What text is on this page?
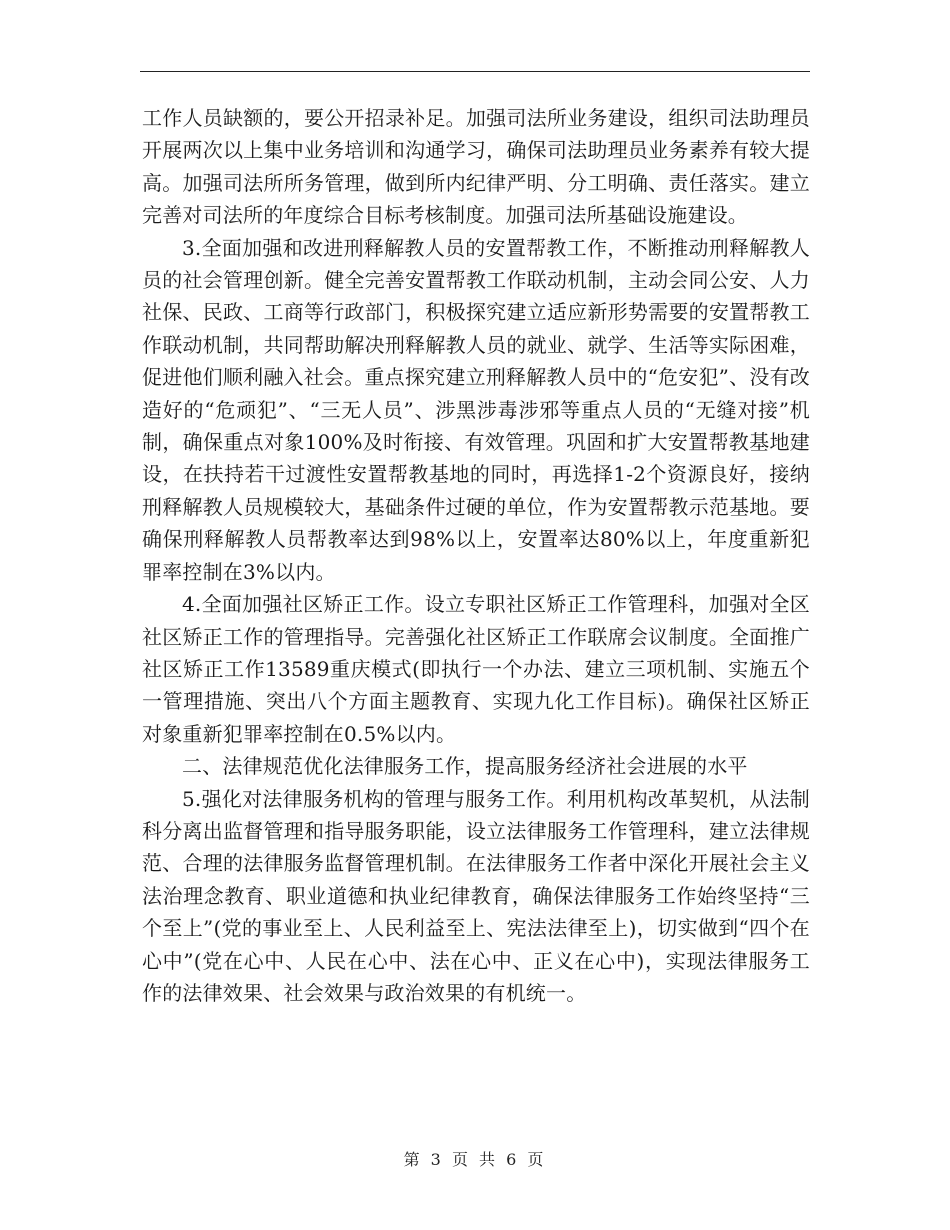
工作人员缺额的，要公开招录补足。加强司法所业务建设，组织司法助理员开展两次以上集中业务培训和沟通学习，确保司法助理员业务素养有较大提高。加强司法所所务管理，做到所内纪律严明、分工明确、责任落实。建立完善对司法所的年度综合目标考核制度。加强司法所基础设施建设。

3.全面加强和改进刑释解教人员的安置帮教工作，不断推动刑释解教人员的社会管理创新。健全完善安置帮教工作联动机制，主动会同公安、人力社保、民政、工商等行政部门，积极探究建立适应新形势需要的安置帮教工作联动机制，共同帮助解决刑释解教人员的就业、就学、生活等实际困难，促进他们顺利融入社会。重点探究建立刑释解教人员中的“危安犯”、没有改造好的“危顽犯”、“三无人员”、涉黑涉毒涉邪等重点人员的“无缝对接”机制，确保重点对象100%及时衔接、有效管理。巩固和扩大安置帮教基地建设，在扶持若干过渡性安置帮教基地的同时，再选择1-2个资源良好，接纳刑释解教人员规模较大，基础条件过硬的单位，作为安置帮教示范基地。要确保刑释解教人员帮教率达到98%以上，安置率达80%以上，年度重新犯罪率控制在3%以内。

4.全面加强社区矫正工作。设立专职社区矫正工作管理科，加强对全区社区矫正工作的管理指导。完善强化社区矫正工作联席会议制度。全面推广社区矫正工作13589重庆模式(即执行一个办法、建立三项机制、实施五个一管理措施、突出八个方面主题教育、实现九化工作目标)。确保社区矫正对象重新犯罪率控制在0.5%以内。

二、法律规范优化法律服务工作，提高服务经济社会进展的水平

5.强化对法律服务机构的管理与服务工作。利用机构改革契机，从法制科分离出监督管理和指导服务职能，设立法律服务工作管理科，建立法律规范、合理的法律服务监督管理机制。在法律服务工作者中深化开展社会主义法治理念教育、职业道德和执业纪律教育，确保法律服务工作始终坚持“三个至上”(党的事业至上、人民利益至上、宪法法律至上)，切实做到“四个在心中”(党在心中、人民在心中、法在心中、正义在心中)，实现法律服务工作的法律效果、社会效果与政治效果的有机统一。

第 3 页 共 6 页
